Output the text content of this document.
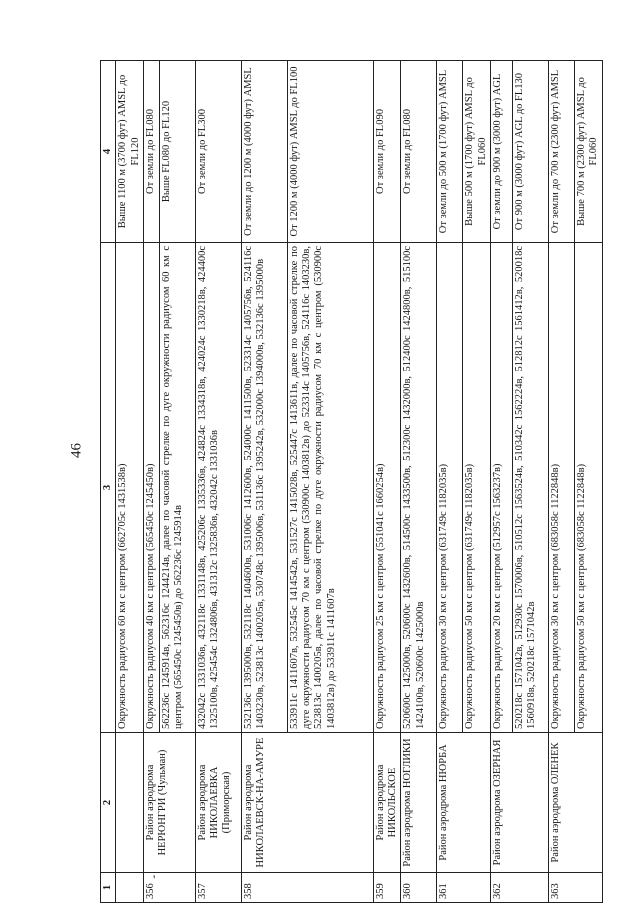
46
'
1	2	3	4
		Окружность радиусом 60 км с центром (662705с 1431538в)	Выше 1100 м (3700 фут) AMSL до FL120
356	Район аэродрома НЕРЮНГРИ (Чульман)	Окружность радиусом 40 км с центром (565450с 1245450в)	От земли до FL080
		562236с 1245914в, 562316с 1244214в, далее по часовой стрелке по дуге окружности радиусом 60 км с центром (565450с 1245450в) до 562236с 1245914в	Выше FL080 до FL120
357	Район аэродрома НИКОЛАЕВКА (Приморская)	432042с 1331036в, 432118с 1331148в, 425206с 1335336в, 424824с 1334318в, 424024с 1330218в, 424400с 1325100в, 425454с 1324806в, 431312с 1325836в, 432042с 1331036в	От земли до FL300
358	Район аэродрома НИКОЛАЕВСК-НА-АМУРЕ	532136с 1395000в, 532118с 1404600в, 531006с 1412600в, 524000с 1411500в, 523314с 1405756в, 524116с 1403230в, 523813с 1400205в, 530748с 1395006в, 531136с 1395242в, 532000с 1394000в, 532136с 1395000в	От земли до 1200 м (4000 фут) AMSL
		533911с 1411607в, 532545с 1414542в, 531527с 1415028в, 525447с 1413611в, далее по часовой стрелке по дуге окружности радиусом 70 км с центром (530900с 1403812в) до 523314с 1405756в, 524116с 1403230в, 523813с 1400205в, далее по часовой стрелке по дуге окружности радиусом 70 км с центром (530900с 1403812в) до 533911с 1411607в	От 1200 м (4000 фут) AMSL до FL100
359	Район аэродрома НИКОЛЬСКОЕ	Окружность радиусом 25 км с центром (551041с 1660254в)	От земли до FL090
360	Район аэродрома НОГЛИКИ	520600с 1425000в, 520600с 1432600в, 514500с 1433500в, 512300с 1432000в, 512400с 1424800в, 515100с 1424100в, 520600с 1425000в	От земли до FL080
361	Район аэродрома НЮРБА	Окружность радиусом 30 км с центром (631749с 1182035в)	От земли до 500 м (1700 фут) AMSL
		Окружность радиусом 50 км с центром (631749с 1182035в)	Выше 500 м (1700 фут) AMSL до FL060
362	Район аэродрома ОЗЕРНАЯ	Окружность радиусом 20 км с центром (512957с 1563237в)	От земли до 900 м (3000 фут) AGL
		520218с 1571042в, 512930с 1570006в, 510512с 1563524в, 510342с 1562224в, 512812с 1561412в, 520018с 1560918в, 520218с 1571042в	От 900 м (3000 фут) AGL до FL130
363	Район аэродрома ОЛЕНЕК	Окружность радиусом 30 км с центром (683058с 1122848в)	От земли до 700 м (2300 фут) AMSL
		Окружность радиусом 50 км с центром (683058с 1122848в)	Выше 700 м (2300 фут) AMSL до FL060
